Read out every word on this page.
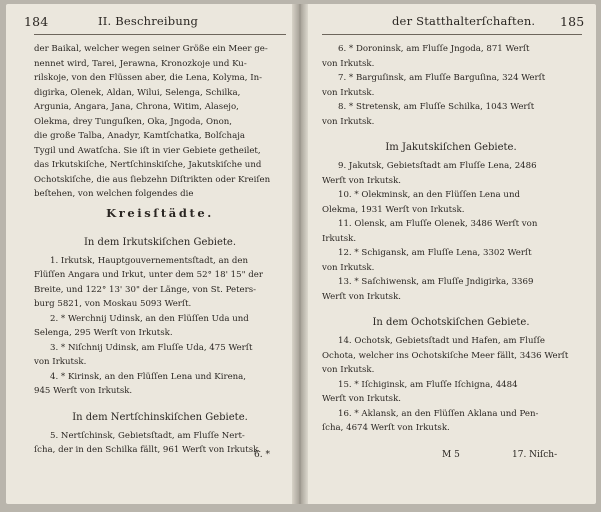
184	II. Beschreibung
der Baikal, welcher wegen seiner Größe ein Meer ge-
nennet wird, Tarei, Jerawna, Kronozkoje und Ku-
rilskoje, von den Flüssen aber, die Lena, Kolyma, In-
digirka, Olenek, Aldan, Wilui, Selenga, Schilka,
Argunia, Angara, Jana, Chrona, Witim, Alasejo,
Olekma, drey Tunguſken, Oka, Jngoda, Onon,
die große Talba, Anadyr, Kamtſchatka, Bolſchaja
Tygil und Awatſcha. Sie iſt in vier Gebiete getheilet,
das Irkutskiſche, Nertſchinskiſche, Jakutskiſche und
Ochotskiſche, die aus ſiebzehn Diſtrikten oder Kreiſen
beſtehen, von welchen folgendes die
Kreisſtädte.
In dem Irkutskiſchen Gebiete.
1. Irkutsk, Hauptgouvernementsſtadt, an den
Flüſſen Angara und Irkut, unter dem 52° 18' 15" der
Breite, und 122° 13' 30" der Länge, von St. Peters-
burg 5821, von Moskau 5093 Werſt.
2. * Werchnij Udinsk, an den Flüſſen Uda und
Selenga, 295 Werſt von Irkutsk.
3. * Niſchnij Udinsk, am Fluſſe Uda, 475 Werſt
von Irkutsk.
4. * Kirinsk, an den Flüſſen Lena und Kirena,
945 Werſt von Irkutsk.
In dem Nertſchinskiſchen Gebiete.
5. Nertſchinsk, Gebietsſtadt, am Fluſſe Nert-
ſcha, der in den Schilka fällt, 961 Werſt von Irkutsk.
6. *
der Statthalterſchaften. 185
6. * Doroninsk, am Fluſſe Jngoda, 871 Werſt
von Irkutsk.
7. * Barguſinsk, am Fluſſe Barguſina, 324 Werſt
von Irkutsk.
8. * Stretensk, am Fluſſe Schilka, 1043 Werſt
von Irkutsk.
Im Jakutskiſchen Gebiete.
9. Jakutsk, Gebietsſtadt am Fluſſe Lena, 2486
Werſt von Irkutsk.
10. * Olekminsk, an den Flüſſen Lena und
Olekma, 1931 Werſt von Irkutsk.
11. Olensk, am Fluſſe Olenek, 3486 Werſt von
Irkutsk.
12. * Schigansk, am Fluſſe Lena, 3302 Werſt
von Irkutsk.
13. * Saſchiwensk, am Fluſſe Jndigirka, 3369
Werſt von Irkutsk.
In dem Ochotskiſchen Gebiete.
14. Ochotsk, Gebietsſtadt und Hafen, am Fluſſe
Ochota, welcher ins Ochotskiſche Meer fällt, 3436 Werſt
von Irkutsk.
15. * Iſchiginsk, am Fluſſe Iſchigna, 4484
Werſt von Irkutsk.
16. * Aklansk, an den Flüſſen Aklana und Pen-
ſcha, 4674 Werſt von Irkutsk.
M 5	17. Niſch-
